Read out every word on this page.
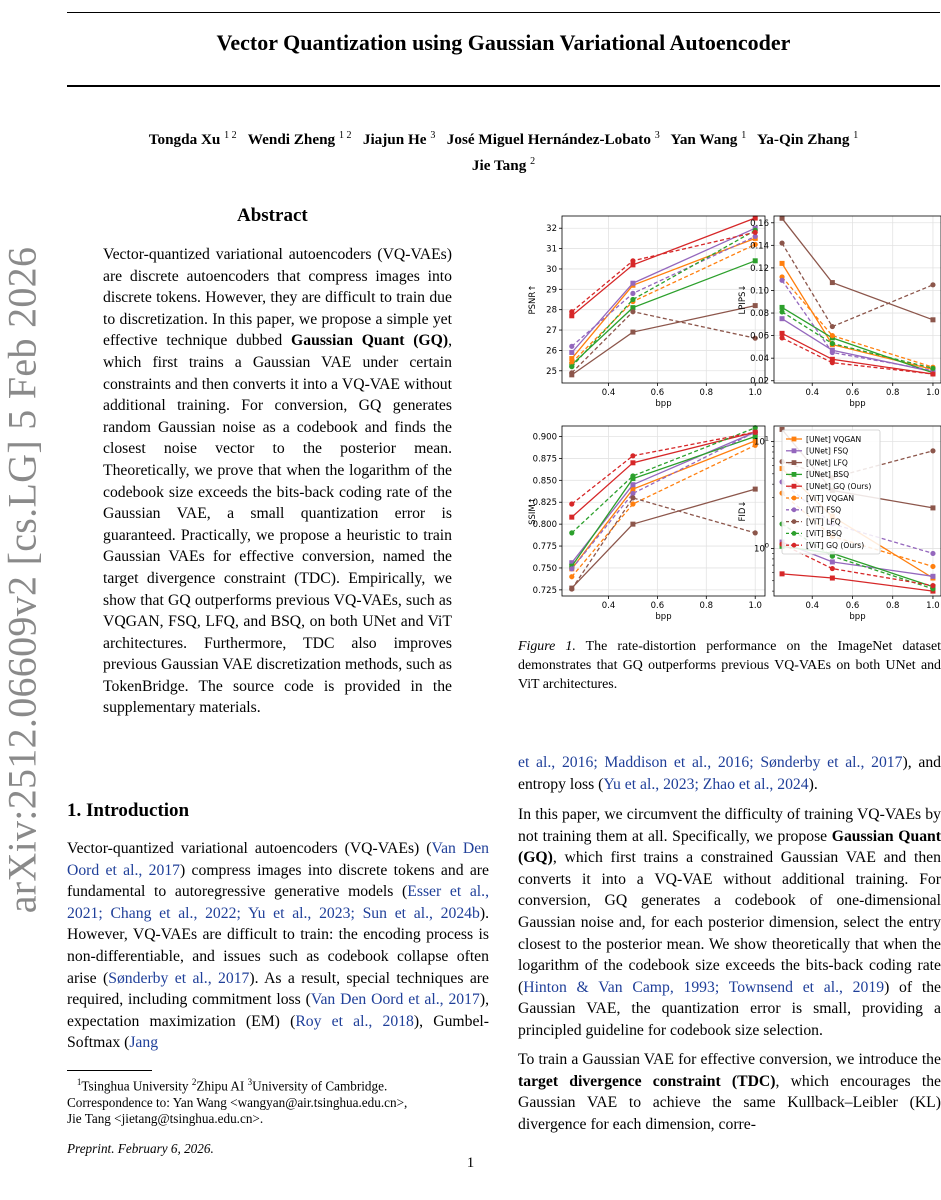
Vector Quantization using Gaussian Variational Autoencoder
Tongda Xu $^{1 2}$ Wendi Zheng $^{1 2}$ Jiajun He $^3$ José Miguel Hernández-Lobato $^3$ Yan Wang $^1$ Ya-Qin Zhang $^1$
Jie Tang $^2$
arXiv:2512.06609v2 [cs.LG] 5 Feb 2026
Abstract
Vector-quantized variational autoencoders (VQ-VAEs) are discrete autoencoders that compress images into discrete tokens. However, they are difficult to train due to discretization. In this paper, we propose a simple yet effective technique dubbed Gaussian Quant (GQ), which first trains a Gaussian VAE under certain constraints and then converts it into a VQ-VAE without additional training. For conversion, GQ generates random Gaussian noise as a codebook and finds the closest noise vector to the posterior mean. Theoretically, we prove that when the logarithm of the codebook size exceeds the bits-back coding rate of the Gaussian VAE, a small quantization error is guaranteed. Practically, we propose a heuristic to train Gaussian VAEs for effective conversion, named the target divergence constraint (TDC). Empirically, we show that GQ outperforms previous VQ-VAEs, such as VQGAN, FSQ, LFQ, and BSQ, on both UNet and ViT architectures. Furthermore, TDC also improves previous Gaussian VAE discretization methods, such as TokenBridge. The source code is provided in the supplementary materials.
1. Introduction
Vector-quantized variational autoencoders (VQ-VAEs) (Van Den Oord et al., 2017) compress images into discrete tokens and are fundamental to autoregressive generative models (Esser et al., 2021; Chang et al., 2022; Yu et al., 2023; Sun et al., 2024b). However, VQ-VAEs are difficult to train: the encoding process is non-differentiable, and issues such as codebook collapse often arise (Sønderby et al., 2017). As a result, special techniques are required, including commitment loss (Van Den Oord et al., 2017), expectation maximization (EM) (Roy et al., 2018), Gumbel-Softmax (Jang
$^1$Tsinghua University $^2$Zhipu AI $^3$University of Cambridge.
Correspondence to: Yan Wang <wangyan@air.tsinghua.edu.cn>,
Jie Tang <jietang@tsinghua.edu.cn>.
Preprint. February 6, 2026.
1
25
26
27
28
29
30
31
32
0.4	0.6	0.8	1.0
bpp
PSNR↑
0.02
0.04
0.06
0.08
0.10
0.12
0.14
0.16
0.4	0.6	0.8	1.0
bpp
LPIPS↓
0.725
0.750
0.775
0.800
0.825
0.850
0.875
0.900
0.4	0.6	0.8	1.0
bpp
SSIM↑
$10^0$
$10^1$
0.4	0.6	0.8	1.0
bpp
FID↓
[UNet] VQGAN
[UNet] FSQ
[UNet] LFQ
[UNet] BSQ
[UNet] GQ (Ours)
[ViT] VQGAN
[ViT] FSQ
[ViT] LFQ
[ViT] BSQ
[ViT] GQ (Ours)
Figure 1. The rate-distortion performance on the ImageNet dataset demonstrates that GQ outperforms previous VQ-VAEs on both UNet and ViT architectures.
et al., 2016; Maddison et al., 2016; Sønderby et al., 2017), and entropy loss (Yu et al., 2023; Zhao et al., 2024).
In this paper, we circumvent the difficulty of training VQ-VAEs by not training them at all. Specifically, we propose Gaussian Quant (GQ), which first trains a constrained Gaussian VAE and then converts it into a VQ-VAE without additional training. For conversion, GQ generates a codebook of one-dimensional Gaussian noise and, for each posterior dimension, select the entry closest to the posterior mean. We show theoretically that when the logarithm of the codebook size exceeds the bits-back coding rate (Hinton & Van Camp, 1993; Townsend et al., 2019) of the Gaussian VAE, the quantization error is small, providing a principled guideline for codebook size selection.
To train a Gaussian VAE for effective conversion, we introduce the target divergence constraint (TDC), which encourages the Gaussian VAE to achieve the same Kullback–Leibler (KL) divergence for each dimension, corre-
